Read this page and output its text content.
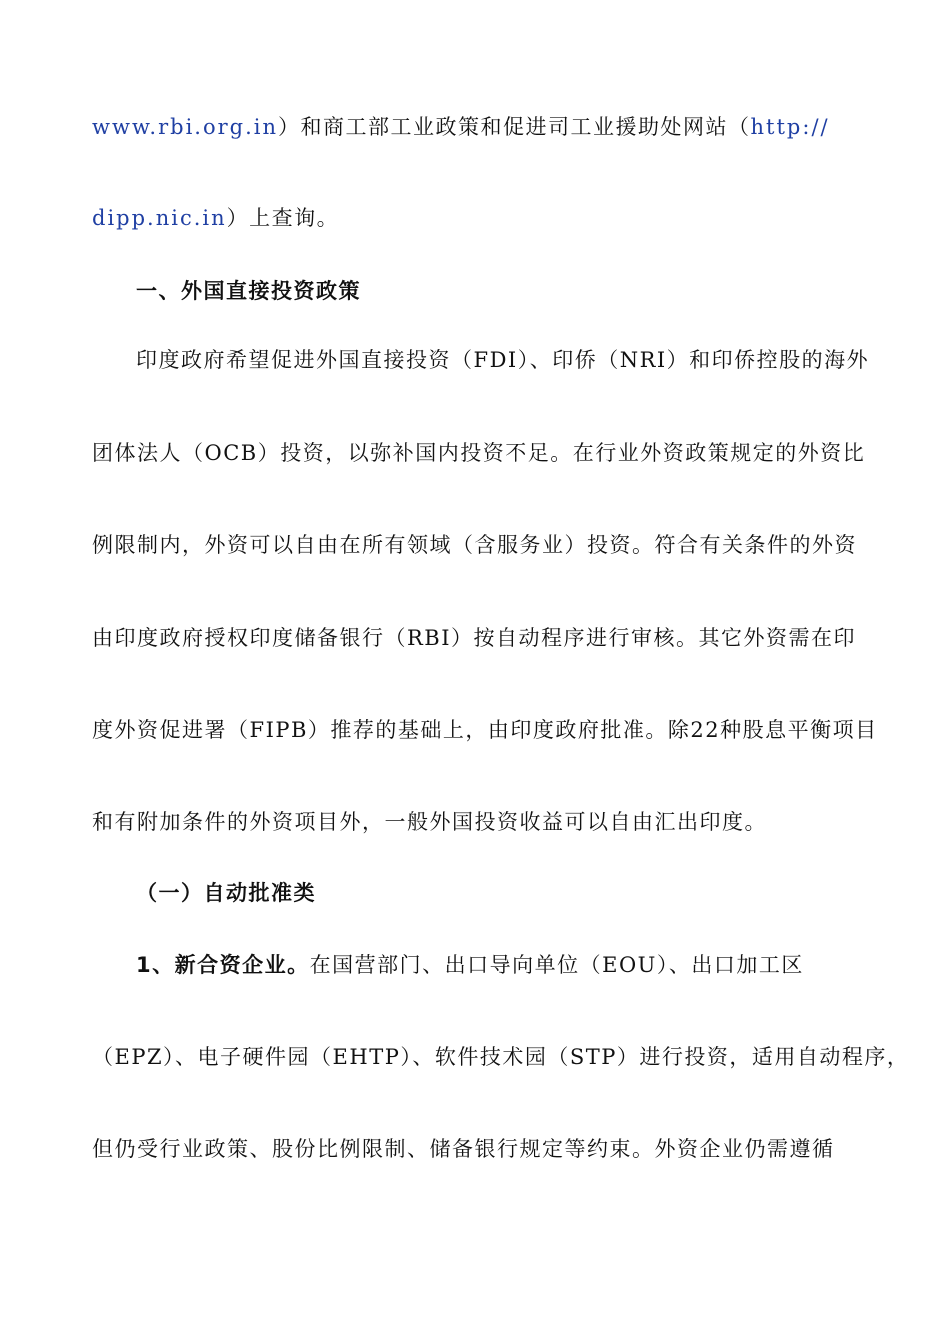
www.rbi.org.in）和商工部工业政策和促进司工业援助处网站（http://
dipp.nic.in）上查询。
一、外国直接投资政策
印度政府希望促进外国直接投资（FDI）、印侨（NRI）和印侨控股的海外
团体法人（OCB）投资，以弥补国内投资不足。在行业外资政策规定的外资比
例限制内，外资可以自由在所有领域（含服务业）投资。符合有关条件的外资
由印度政府授权印度储备银行（RBI）按自动程序进行审核。其它外资需在印
度外资促进署（FIPB）推荐的基础上，由印度政府批准。除22种股息平衡项目
和有附加条件的外资项目外，一般外国投资收益可以自由汇出印度。
（一）自动批准类
1、新合资企业。在国营部门、出口导向单位（EOU）、出口加工区
（EPZ）、电子硬件园（EHTP）、软件技术园（STP）进行投资，适用自动程序，
但仍受行业政策、股份比例限制、储备银行规定等约束。外资企业仍需遵循
